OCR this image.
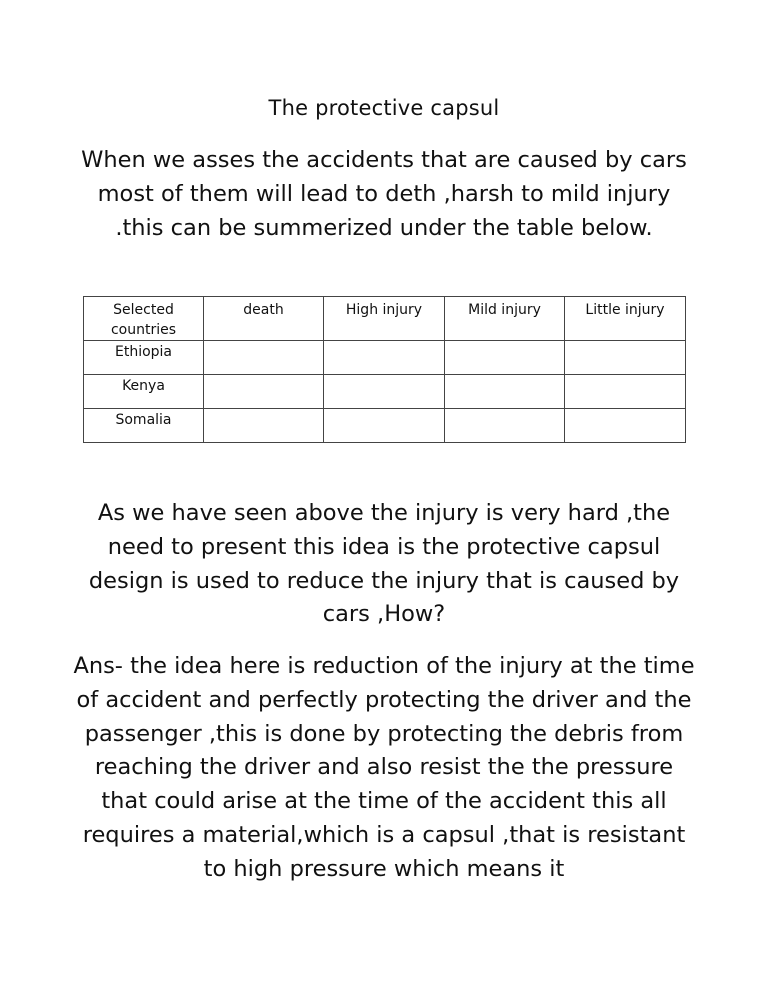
The protective capsul
When we asses the accidents that are caused by cars most of them will lead to deth ,harsh to mild injury .this can be summerized under the table below.
Selected countries	death	High injury	Mild injury	Little injury
Ethiopia				
Kenya				
Somalia				
As we have seen above the injury is very hard ,the need to present this idea is the protective capsul design is used to reduce the injury that is caused by cars ,How?
Ans- the idea here is reduction of the injury at the time of accident and perfectly protecting the driver and the passenger ,this is done by protecting the debris from reaching the driver and also resist the the pressure that could arise at the time of the accident this all requires a material,which is a capsul ,that is resistant to high pressure which means it
